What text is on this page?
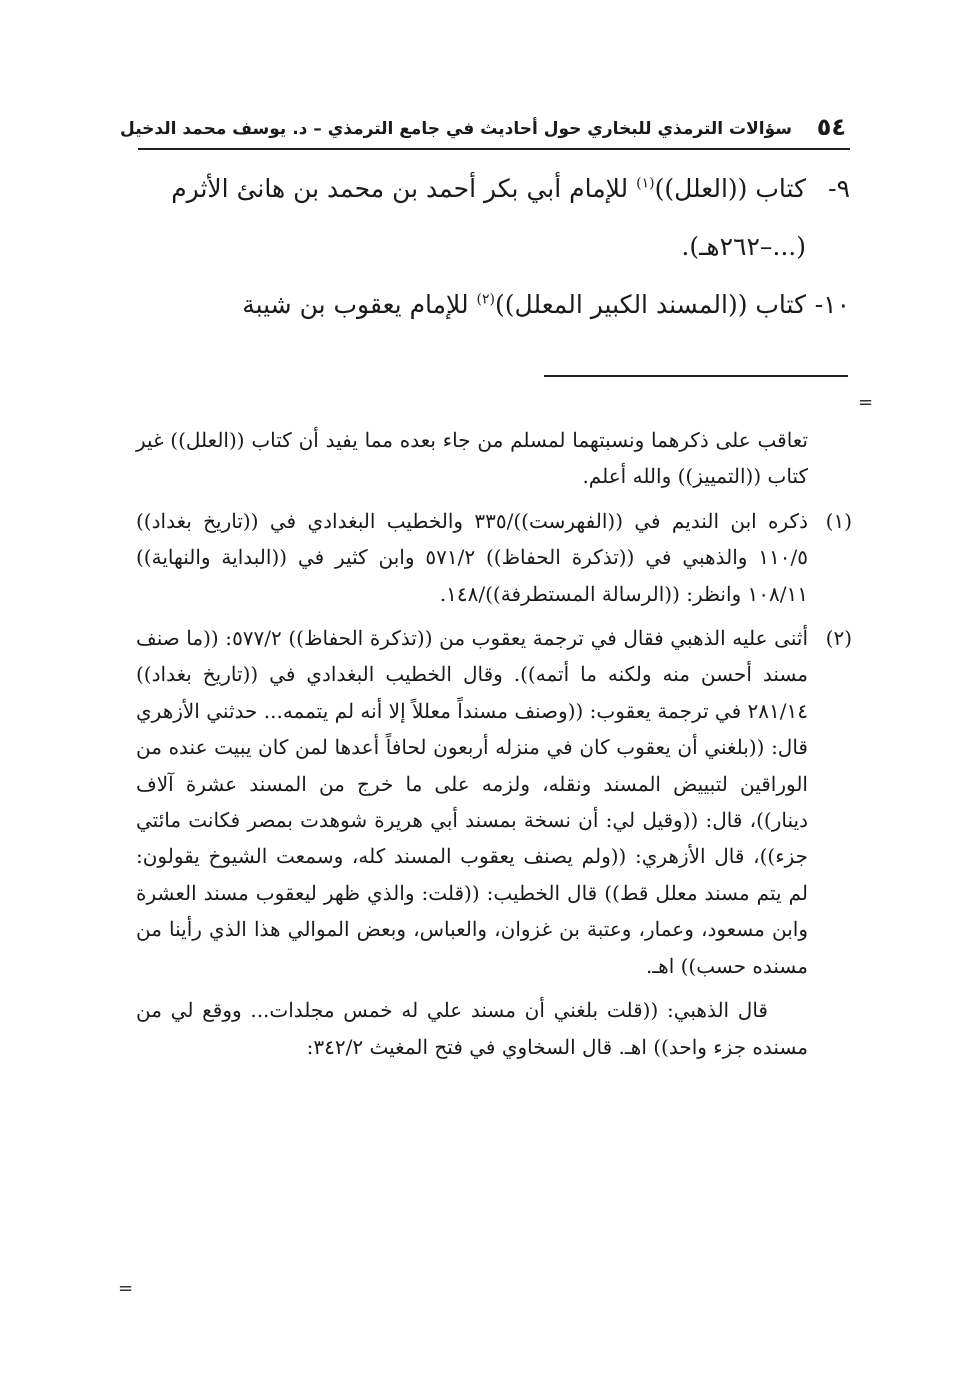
٥٤
سؤالات الترمذي للبخاري حول أحاديث في جامع الترمذي – د. يوسف محمد الدخيل
٩-كتاب ((العلل))$^{(١)}$ للإمام أبي بكر أحمد بن محمد بن هانئ الأثرم
(...–٢٦٢هـ).
١٠-كتاب ((المسند الكبير المعلل))$^{(٢)}$ للإمام يعقوب بن شيبة
=
تعاقب على ذكرهما ونسبتهما لمسلم من جاء بعده مما يفيد أن كتاب ((العلل)) غير كتاب ((التمييز)) والله أعلم.
(١)
ذكره ابن النديم في ((الفهرست))/٣٣٥ والخطيب البغدادي في ((تاريخ بغداد)) ١١٠/٥ والذهبي في ((تذكرة الحفاظ)) ٥٧١/٢ وابن كثير في ((البداية والنهاية)) ١٠٨/١١ وانظر: ((الرسالة المستطرفة))/١٤٨.
(٢)
أثنى عليه الذهبي فقال في ترجمة يعقوب من ((تذكرة الحفاظ)) ٥٧٧/٢: ((ما صنف مسند أحسن منه ولكنه ما أتمه)). وقال الخطيب البغدادي في ((تاريخ بغداد)) ٢٨١/١٤ في ترجمة يعقوب: ((وصنف مسنداً معللاً إلا أنه لم يتممه... حدثني الأزهري قال: ((بلغني أن يعقوب كان في منزله أربعون لحافاً أعدها لمن كان يبيت عنده من الوراقين لتبييض المسند ونقله، ولزمه على ما خرج من المسند عشرة آلاف دينار))، قال: ((وقيل لي: أن نسخة بمسند أبي هريرة شوهدت بمصر فكانت مائتي جزء))، قال الأزهري: ((ولم يصنف يعقوب المسند كله، وسمعت الشيوخ يقولون: لم يتم مسند معلل قط)) قال الخطيب: ((قلت: والذي ظهر ليعقوب مسند العشرة وابن مسعود، وعمار، وعتبة بن غزوان، والعباس، وبعض الموالي هذا الذي رأينا من مسنده حسب)) اهـ.
قال الذهبي: ((قلت بلغني أن مسند علي له خمس مجلدات... ووقع لي من مسنده جزء واحد)) اهـ. قال السخاوي في فتح المغيث ٣٤٢/٢:
=
